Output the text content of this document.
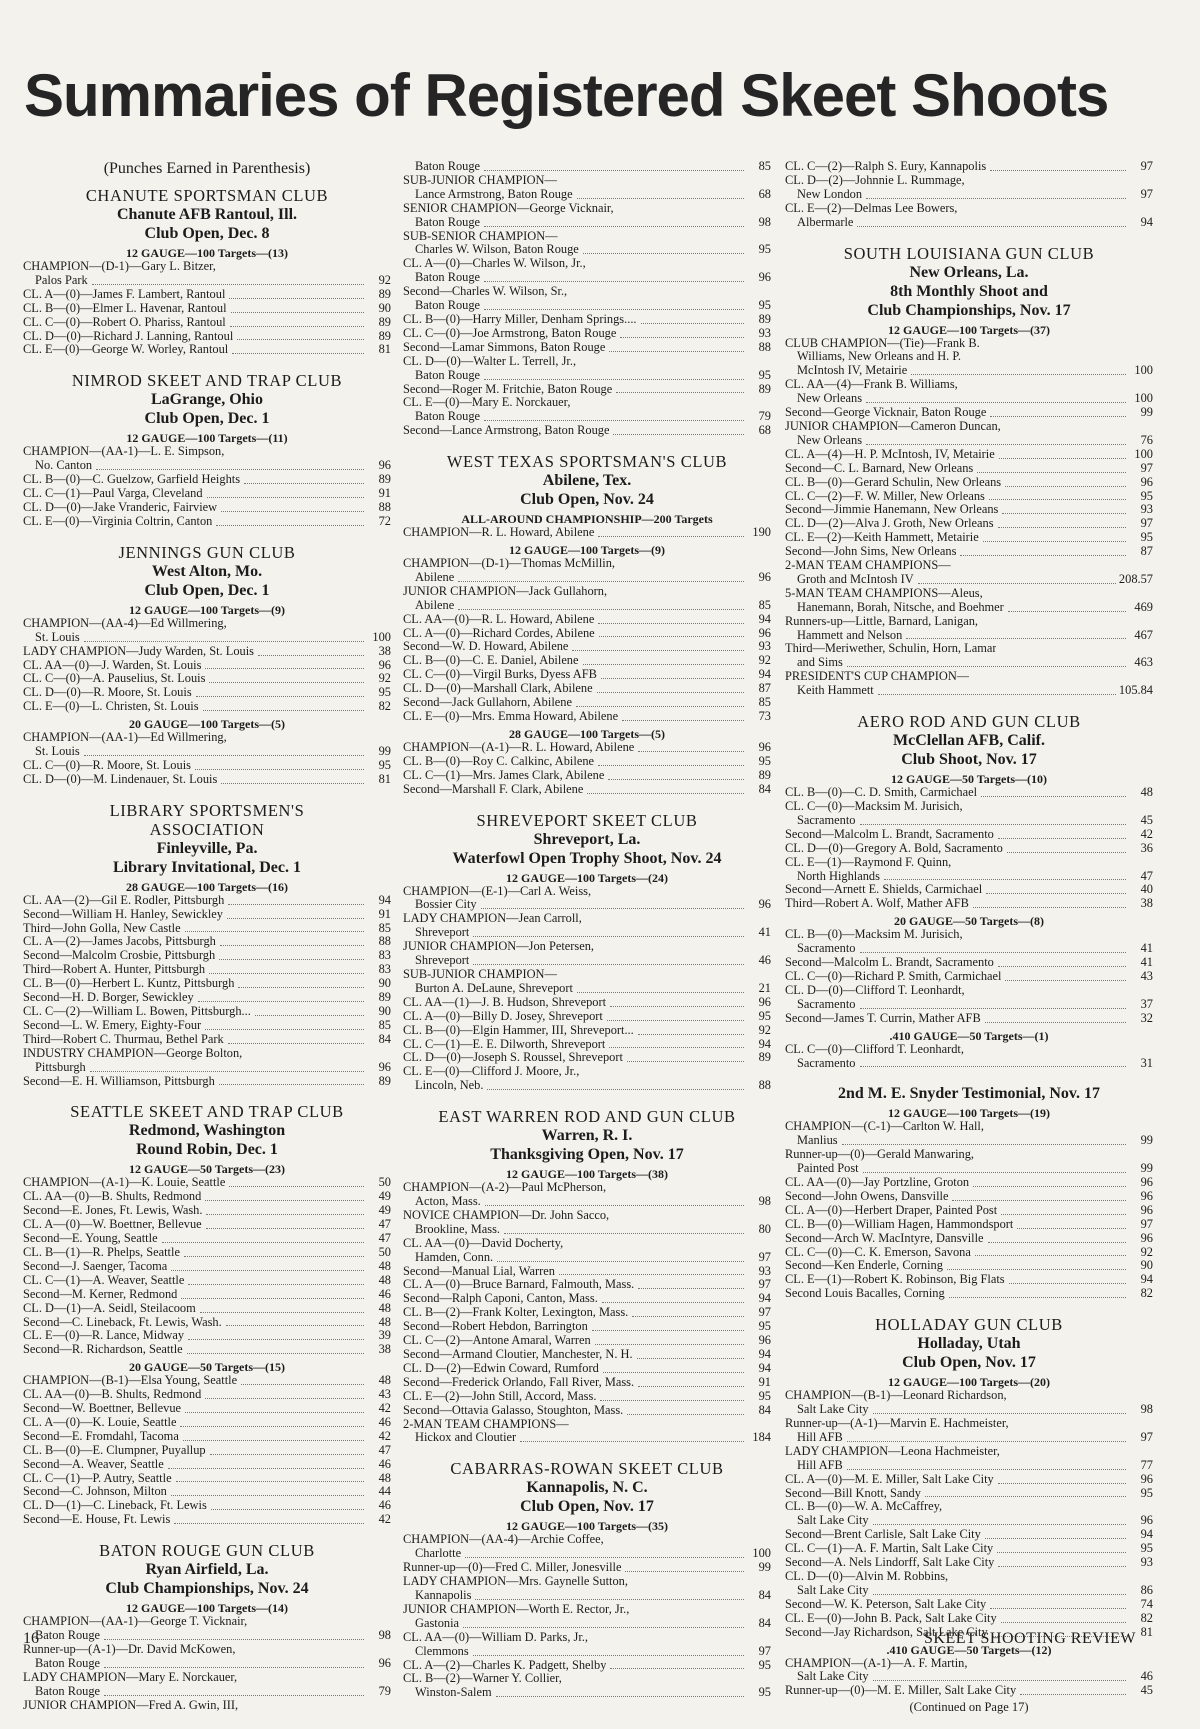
Summaries of Registered Skeet Shoots
(Punches Earned in Parenthesis)
CHANUTE SPORTSMAN CLUB
Chanute AFB Rantoul, Ill.
Club Open, Dec. 8
12 GAUGE—100 Targets—(13)
CHAMPION—(D-1)—Gary L. Bitzer,
Palos Park	92
CL. A—(0)—James F. Lambert, Rantoul	89
CL. B—(0)—Elmer L. Havenar, Rantoul	90
CL. C—(0)—Robert O. Phariss, Rantoul	89
CL. D—(0)—Richard J. Lanning, Rantoul	89
CL. E—(0)—George W. Worley, Rantoul	81
NIMROD SKEET AND TRAP CLUB
LaGrange, Ohio
Club Open, Dec. 1
12 GAUGE—100 Targets—(11)
CHAMPION—(AA-1)—L. E. Simpson,
No. Canton	96
CL. B—(0)—C. Guelzow, Garfield Heights	89
CL. C—(1)—Paul Varga, Cleveland	91
CL. D—(0)—Jake Vranderic, Fairview	88
CL. E—(0)—Virginia Coltrin, Canton	72
JENNINGS GUN CLUB
West Alton, Mo.
Club Open, Dec. 1
12 GAUGE—100 Targets—(9)
CHAMPION—(AA-4)—Ed Willmering,
St. Louis	100
LADY CHAMPION—Judy Warden, St. Louis	38
CL. AA—(0)—J. Warden, St. Louis	96
CL. C—(0)—A. Pauselius, St. Louis	92
CL. D—(0)—R. Moore, St. Louis	95
CL. E—(0)—L. Christen, St. Louis	82
20 GAUGE—100 Targets—(5)
CHAMPION—(AA-1)—Ed Willmering,
St. Louis	99
CL. C—(0)—R. Moore, St. Louis	95
CL. D—(0)—M. Lindenauer, St. Louis	81
LIBRARY SPORTSMEN'S
ASSOCIATION
Finleyville, Pa.
Library Invitational, Dec. 1
28 GAUGE—100 Targets—(16)
CL. AA—(2)—Gil E. Rodler, Pittsburgh	94
Second—William H. Hanley, Sewickley	91
Third—John Golla, New Castle	85
CL. A—(2)—James Jacobs, Pittsburgh	88
Second—Malcolm Crosbie, Pittsburgh	83
Third—Robert A. Hunter, Pittsburgh	83
CL. B—(0)—Herbert L. Kuntz, Pittsburgh	90
Second—H. D. Borger, Sewickley	89
CL. C—(2)—William L. Bowen, Pittsburgh...	90
Second—L. W. Emery, Eighty-Four	85
Third—Robert C. Thurmau, Bethel Park	84
INDUSTRY CHAMPION—George Bolton,
Pittsburgh	96
Second—E. H. Williamson, Pittsburgh	89
SEATTLE SKEET AND TRAP CLUB
Redmond, Washington
Round Robin, Dec. 1
12 GAUGE—50 Targets—(23)
CHAMPION—(A-1)—K. Louie, Seattle	50
CL. AA—(0)—B. Shults, Redmond	49
Second—E. Jones, Ft. Lewis, Wash.	49
CL. A—(0)—W. Boettner, Bellevue	47
Second—E. Young, Seattle	47
CL. B—(1)—R. Phelps, Seattle	50
Second—J. Saenger, Tacoma	48
CL. C—(1)—A. Weaver, Seattle	48
Second—M. Kerner, Redmond	46
CL. D—(1)—A. Seidl, Steilacoom	48
Second—C. Lineback, Ft. Lewis, Wash.	48
CL. E—(0)—R. Lance, Midway	39
Second—R. Richardson, Seattle	38
20 GAUGE—50 Targets—(15)
CHAMPION—(B-1)—Elsa Young, Seattle	48
CL. AA—(0)—B. Shults, Redmond	43
Second—W. Boettner, Bellevue	42
CL. A—(0)—K. Louie, Seattle	46
Second—E. Fromdahl, Tacoma	42
CL. B—(0)—E. Clumpner, Puyallup	47
Second—A. Weaver, Seattle	46
CL. C—(1)—P. Autry, Seattle	48
Second—C. Johnson, Milton	44
CL. D—(1)—C. Lineback, Ft. Lewis	46
Second—E. House, Ft. Lewis	42
BATON ROUGE GUN CLUB
Ryan Airfield, La.
Club Championships, Nov. 24
12 GAUGE—100 Targets—(14)
CHAMPION—(AA-1)—George T. Vicknair,
Baton Rouge	98
Runner-up—(A-1)—Dr. David McKowen,
Baton Rouge	96
LADY CHAMPION—Mary E. Norckauer,
Baton Rouge	79
JUNIOR CHAMPION—Fred A. Gwin, III,
Baton Rouge	85
SUB-JUNIOR CHAMPION—
Lance Armstrong, Baton Rouge	68
SENIOR CHAMPION—George Vicknair,
Baton Rouge	98
SUB-SENIOR CHAMPION—
Charles W. Wilson, Baton Rouge	95
CL. A—(0)—Charles W. Wilson, Jr.,
Baton Rouge	96
Second—Charles W. Wilson, Sr.,
Baton Rouge	95
CL. B—(0)—Harry Miller, Denham Springs....	89
CL. C—(0)—Joe Armstrong, Baton Rouge	93
Second—Lamar Simmons, Baton Rouge	88
CL. D—(0)—Walter L. Terrell, Jr.,
Baton Rouge	95
Second—Roger M. Fritchie, Baton Rouge	89
CL. E—(0)—Mary E. Norckauer,
Baton Rouge	79
Second—Lance Armstrong, Baton Rouge	68
WEST TEXAS SPORTSMAN'S CLUB
Abilene, Tex.
Club Open, Nov. 24
ALL-AROUND CHAMPIONSHIP—200 Targets
CHAMPION—R. L. Howard, Abilene	190
12 GAUGE—100 Targets—(9)
CHAMPION—(D-1)—Thomas McMillin,
Abilene	96
JUNIOR CHAMPION—Jack Gullahorn,
Abilene	85
CL. AA—(0)—R. L. Howard, Abilene	94
CL. A—(0)—Richard Cordes, Abilene	96
Second—W. D. Howard, Abilene	93
CL. B—(0)—C. E. Daniel, Abilene	92
CL. C—(0)—Virgil Burks, Dyess AFB	94
CL. D—(0)—Marshall Clark, Abilene	87
Second—Jack Gullahorn, Abilene	85
CL. E—(0)—Mrs. Emma Howard, Abilene	73
28 GAUGE—100 Targets—(5)
CHAMPION—(A-1)—R. L. Howard, Abilene	96
CL. B—(0)—Roy C. Calkinc, Abilene	95
CL. C—(1)—Mrs. James Clark, Abilene	89
Second—Marshall F. Clark, Abilene	84
SHREVEPORT SKEET CLUB
Shreveport, La.
Waterfowl Open Trophy Shoot, Nov. 24
12 GAUGE—100 Targets—(24)
CHAMPION—(E-1)—Carl A. Weiss,
Bossier City	96
LADY CHAMPION—Jean Carroll,
Shreveport	41
JUNIOR CHAMPION—Jon Petersen,
Shreveport	46
SUB-JUNIOR CHAMPION—
Burton A. DeLaune, Shreveport	21
CL. AA—(1)—J. B. Hudson, Shreveport	96
CL. A—(0)—Billy D. Josey, Shreveport	95
CL. B—(0)—Elgin Hammer, III, Shreveport...	92
CL. C—(1)—E. E. Dilworth, Shreveport	94
CL. D—(0)—Joseph S. Roussel, Shreveport	89
CL. E—(0)—Clifford J. Moore, Jr.,
Lincoln, Neb.	88
EAST WARREN ROD AND GUN CLUB
Warren, R. I.
Thanksgiving Open, Nov. 17
12 GAUGE—100 Targets—(38)
CHAMPION—(A-2)—Paul McPherson,
Acton, Mass.	98
NOVICE CHAMPION—Dr. John Sacco,
Brookline, Mass.	80
CL. AA—(0)—David Docherty,
Hamden, Conn.	97
Second—Manual Lial, Warren	93
CL. A—(0)—Bruce Barnard, Falmouth, Mass.	97
Second—Ralph Caponi, Canton, Mass.	94
CL. B—(2)—Frank Kolter, Lexington, Mass.	97
Second—Robert Hebdon, Barrington	95
CL. C—(2)—Antone Amaral, Warren	96
Second—Armand Cloutier, Manchester, N. H.	94
CL. D—(2)—Edwin Coward, Rumford	94
Second—Frederick Orlando, Fall River, Mass.	91
CL. E—(2)—John Still, Accord, Mass.	95
Second—Ottavia Galasso, Stoughton, Mass.	84
2-MAN TEAM CHAMPIONS—
Hickox and Cloutier	184
CABARRAS-ROWAN SKEET CLUB
Kannapolis, N. C.
Club Open, Nov. 17
12 GAUGE—100 Targets—(35)
CHAMPION—(AA-4)—Archie Coffee,
Charlotte	100
Runner-up—(0)—Fred C. Miller, Jonesville	99
LADY CHAMPION—Mrs. Gaynelle Sutton,
Kannapolis	84
JUNIOR CHAMPION—Worth E. Rector, Jr.,
Gastonia	84
CL. AA—(0)—William D. Parks, Jr.,
Clemmons	97
CL. A—(2)—Charles K. Padgett, Shelby	95
CL. B—(2)—Warner Y. Collier,
Winston-Salem	95
CL. C—(2)—Ralph S. Eury, Kannapolis	97
CL. D—(2)—Johnnie L. Rummage,
New London	97
CL. E—(2)—Delmas Lee Bowers,
Albermarle	94
SOUTH LOUISIANA GUN CLUB
New Orleans, La.
8th Monthly Shoot and
Club Championships, Nov. 17
12 GAUGE—100 Targets—(37)
CLUB CHAMPION—(Tie)—Frank B.
Williams, New Orleans and H. P.
McIntosh IV, Metairie	100
CL. AA—(4)—Frank B. Williams,
New Orleans	100
Second—George Vicknair, Baton Rouge	99
JUNIOR CHAMPION—Cameron Duncan,
New Orleans	76
CL. A—(4)—H. P. McIntosh, IV, Metairie	100
Second—C. L. Barnard, New Orleans	97
CL. B—(0)—Gerard Schulin, New Orleans	96
CL. C—(2)—F. W. Miller, New Orleans	95
Second—Jimmie Hanemann, New Orleans	93
CL. D—(2)—Alva J. Groth, New Orleans	97
CL. E—(2)—Keith Hammett, Metairie	95
Second—John Sims, New Orleans	87
2-MAN TEAM CHAMPIONS—
Groth and McIntosh IV	208.57
5-MAN TEAM CHAMPIONS—Aleus,
Hanemann, Borah, Nitsche, and Boehmer	469
Runners-up—Little, Barnard, Lanigan,
Hammett and Nelson	467
Third—Meriwether, Schulin, Horn, Lamar
and Sims	463
PRESIDENT'S CUP CHAMPION—
Keith Hammett	105.84
AERO ROD AND GUN CLUB
McClellan AFB, Calif.
Club Shoot, Nov. 17
12 GAUGE—50 Targets—(10)
CL. B—(0)—C. D. Smith, Carmichael	48
CL. C—(0)—Macksim M. Jurisich,
Sacramento	45
Second—Malcolm L. Brandt, Sacramento	42
CL. D—(0)—Gregory A. Bold, Sacramento	36
CL. E—(1)—Raymond F. Quinn,
North Highlands	47
Second—Arnett E. Shields, Carmichael	40
Third—Robert A. Wolf, Mather AFB	38
20 GAUGE—50 Targets—(8)
CL. B—(0)—Macksim M. Jurisich,
Sacramento	41
Second—Malcolm L. Brandt, Sacramento	41
CL. C—(0)—Richard P. Smith, Carmichael	43
CL. D—(0)—Clifford T. Leonhardt,
Sacramento	37
Second—James T. Currin, Mather AFB	32
.410 GAUGE—50 Targets—(1)
CL. C—(0)—Clifford T. Leonhardt,
Sacramento	31
2nd M. E. Snyder Testimonial, Nov. 17
12 GAUGE—100 Targets—(19)
CHAMPION—(C-1)—Carlton W. Hall,
Manlius	99
Runner-up—(0)—Gerald Manwaring,
Painted Post	99
CL. AA—(0)—Jay Portzline, Groton	96
Second—John Owens, Dansville	96
CL. A—(0)—Herbert Draper, Painted Post	96
CL. B—(0)—William Hagen, Hammondsport	97
Second—Arch W. MacIntyre, Dansville	96
CL. C—(0)—C. K. Emerson, Savona	92
Second—Ken Enderle, Corning	90
CL. E—(1)—Robert K. Robinson, Big Flats	94
Second Louis Bacalles, Corning	82
HOLLADAY GUN CLUB
Holladay, Utah
Club Open, Nov. 17
12 GAUGE—100 Targets—(20)
CHAMPION—(B-1)—Leonard Richardson,
Salt Lake City	98
Runner-up—(A-1)—Marvin E. Hachmeister,
Hill AFB	97
LADY CHAMPION—Leona Hachmeister,
Hill AFB	77
CL. A—(0)—M. E. Miller, Salt Lake City	96
Second—Bill Knott, Sandy	95
CL. B—(0)—W. A. McCaffrey,
Salt Lake City	96
Second—Brent Carlisle, Salt Lake City	94
CL. C—(1)—A. F. Martin, Salt Lake City	95
Second—A. Nels Lindorff, Salt Lake City	93
CL. D—(0)—Alvin M. Robbins,
Salt Lake City	86
Second—W. K. Peterson, Salt Lake City	74
CL. E—(0)—John B. Pack, Salt Lake City	82
Second—Jay Richardson, Salt Lake City	81
.410 GAUGE—50 Targets—(12)
CHAMPION—(A-1)—A. F. Martin,
Salt Lake City	46
Runner-up—(0)—M. E. Miller, Salt Lake City	45
(Continued on Page 17)
16	SKEET SHOOTING REVIEW
